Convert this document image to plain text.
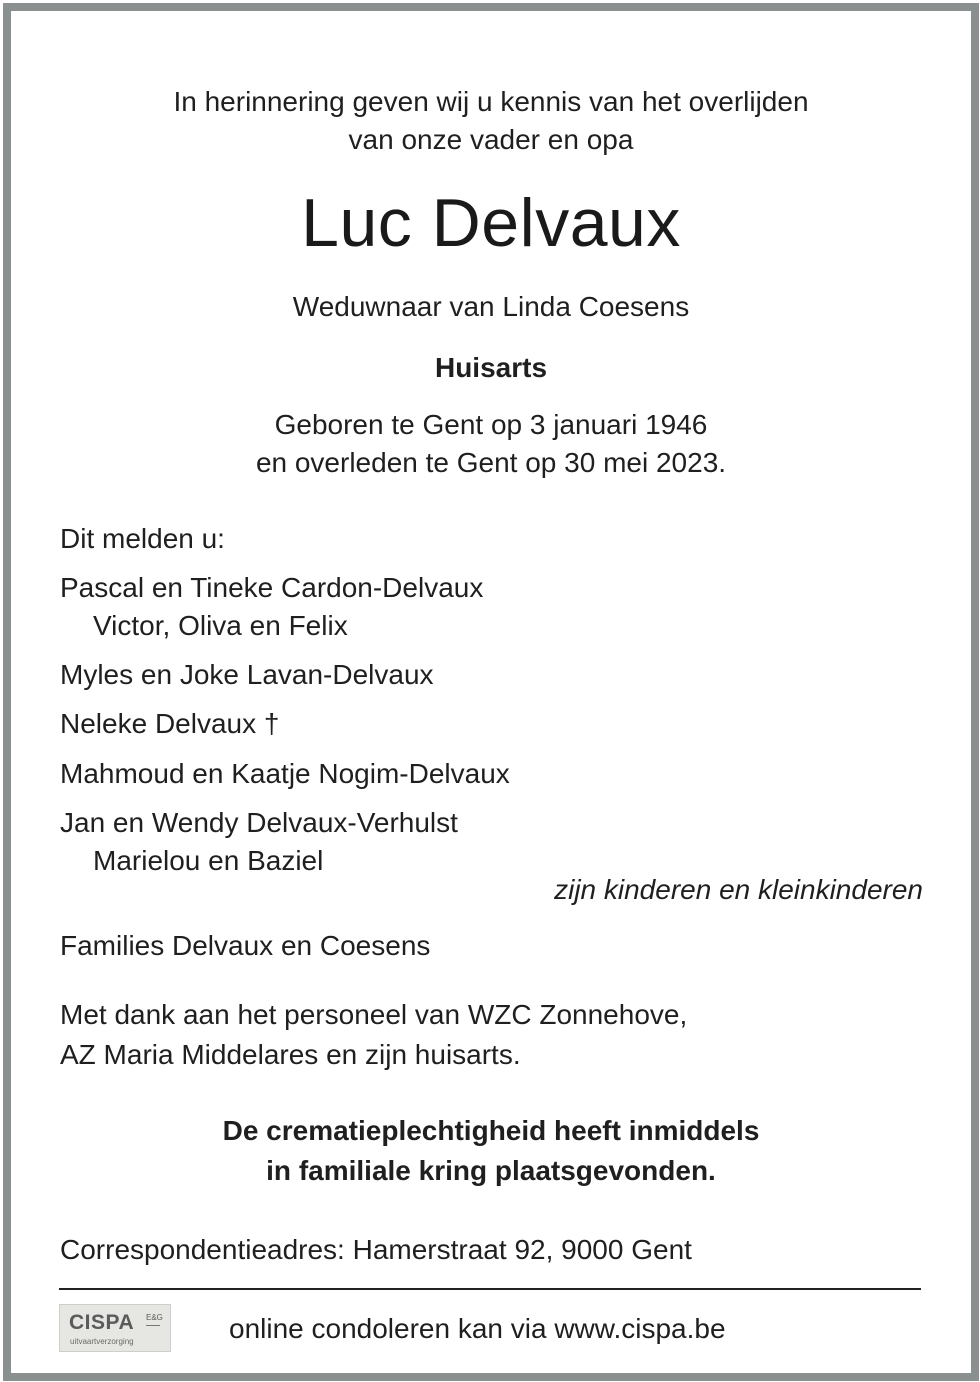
In herinnering geven wij u kennis van het overlijden
van onze vader en opa
Luc Delvaux
Weduwnaar van Linda Coesens
Huisarts
Geboren te Gent op 3 januari 1946
en overleden te Gent op 30 mei 2023.
Dit melden u:
Pascal en Tineke Cardon-Delvaux
Victor, Oliva en Felix
Myles en Joke Lavan-Delvaux
Neleke Delvaux †
Mahmoud en Kaatje Nogim-Delvaux
Jan en Wendy Delvaux-Verhulst
Marielou en Baziel
zijn kinderen en kleinkinderen
Families Delvaux en Coesens
Met dank aan het personeel van WZC Zonnehove,
AZ Maria Middelares en zijn huisarts.
De crematieplechtigheid heeft inmiddels
in familiale kring plaatsgevonden.
Correspondentieadres: Hamerstraat 92, 9000 Gent
CISPA E&G
uitvaartverzorging	online condoleren kan via www.cispa.be
